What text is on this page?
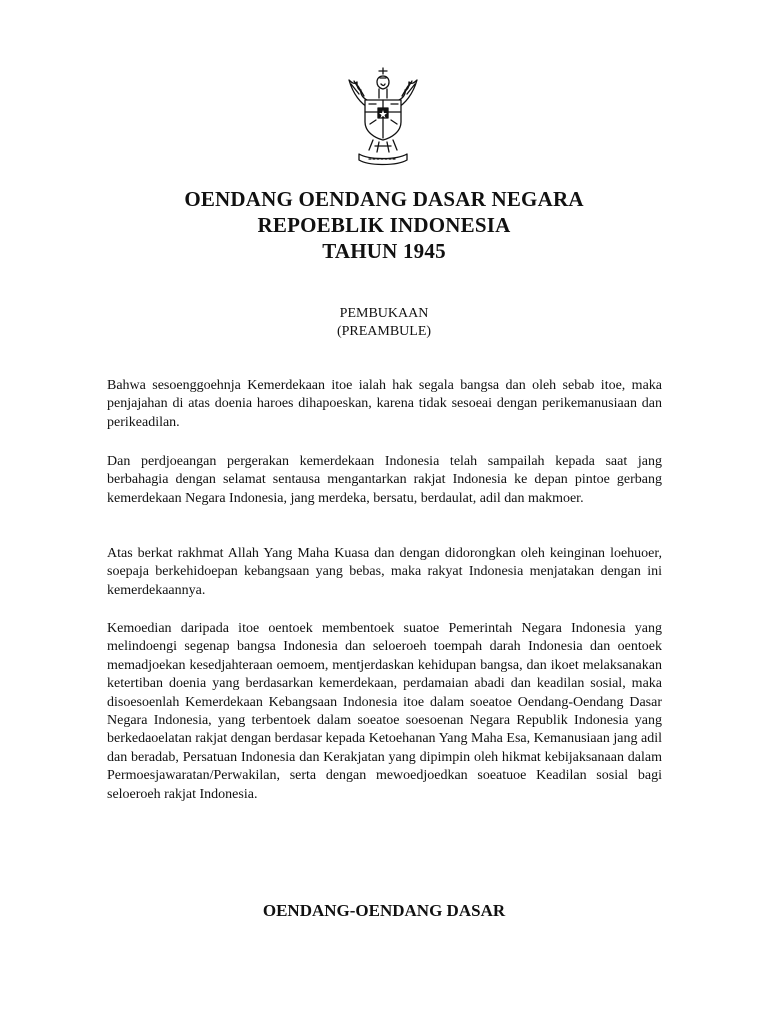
OENDANG OENDANG DASAR NEGARA
REPOEBLIK INDONESIA
TAHUN 1945
PEMBUKAAN
(PREAMBULE)

Bahwa sesoenggoehnja Kemerdekaan itoe ialah hak segala bangsa dan oleh sebab itoe, maka penjajahan di atas doenia haroes dihapoeskan, karena tidak sesoeai dengan perikemanusiaan dan perikeadilan.

Dan perdjoeangan pergerakan kemerdekaan Indonesia telah sampailah kepada saat jang berbahagia dengan selamat sentausa mengantarkan rakjat Indonesia ke depan pintoe gerbang kemerdekaan Negara Indonesia, jang merdeka, bersatu, berdaulat, adil dan makmoer.

Atas berkat rakhmat Allah Yang Maha Kuasa dan dengan didorongkan oleh keinginan loehuoer, soepaja berkehidoepan kebangsaan yang bebas, maka rakyat Indonesia menjatakan dengan ini kemerdekaannya.

Kemoedian daripada itoe oentoek membentoek suatoe Pemerintah Negara Indonesia yang melindoengi segenap bangsa Indonesia dan seloeroeh toempah darah Indonesia dan oentoek memadjoekan kesedjahteraan oemoem, mentjerdaskan kehidupan bangsa, dan ikoet melaksanakan ketertiban doenia yang berdasarkan kemerdekaan, perdamaian abadi dan keadilan sosial, maka disoesoenlah Kemerdekaan Kebangsaan Indonesia itoe dalam soeatoe Oendang-Oendang Dasar Negara Indonesia, yang terbentoek dalam soeatoe soesoenan Negara Republik Indonesia yang berkedaoelatan rakjat dengan berdasar kepada Ketoehanan Yang Maha Esa, Kemanusiaan jang adil dan beradab, Persatuan Indonesia dan Kerakjatan yang dipimpin oleh hikmat kebijaksanaan dalam Permoesjawaratan/Perwakilan, serta dengan mewoedjoedkan soeatuoe Keadilan sosial bagi seloeroeh rakjat Indonesia.

OENDANG-OENDANG DASAR
